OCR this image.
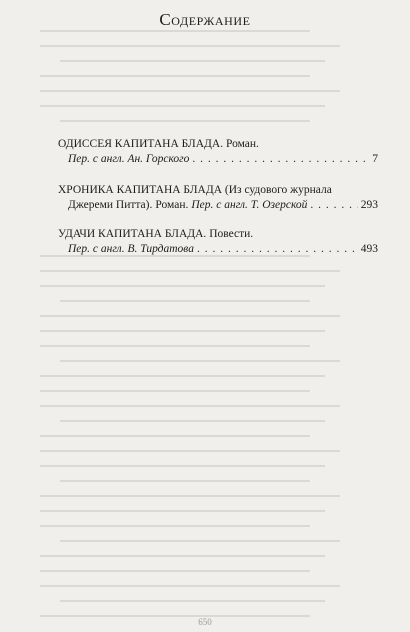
Содержание
ОДИССЕЯ КАПИТАНА БЛАДА. Роман.
Пер. с англ. Ан. Горского . . .	7
ХРОНИКА КАПИТАНА БЛАДА (Из судового журнала
Джереми Питта). Роман. Пер. с англ. Т. Озерской . . .	293
УДАЧИ КАПИТАНА БЛАДА. Повести.
Пер. с англ. В. Тирдатова . . .	493
650
